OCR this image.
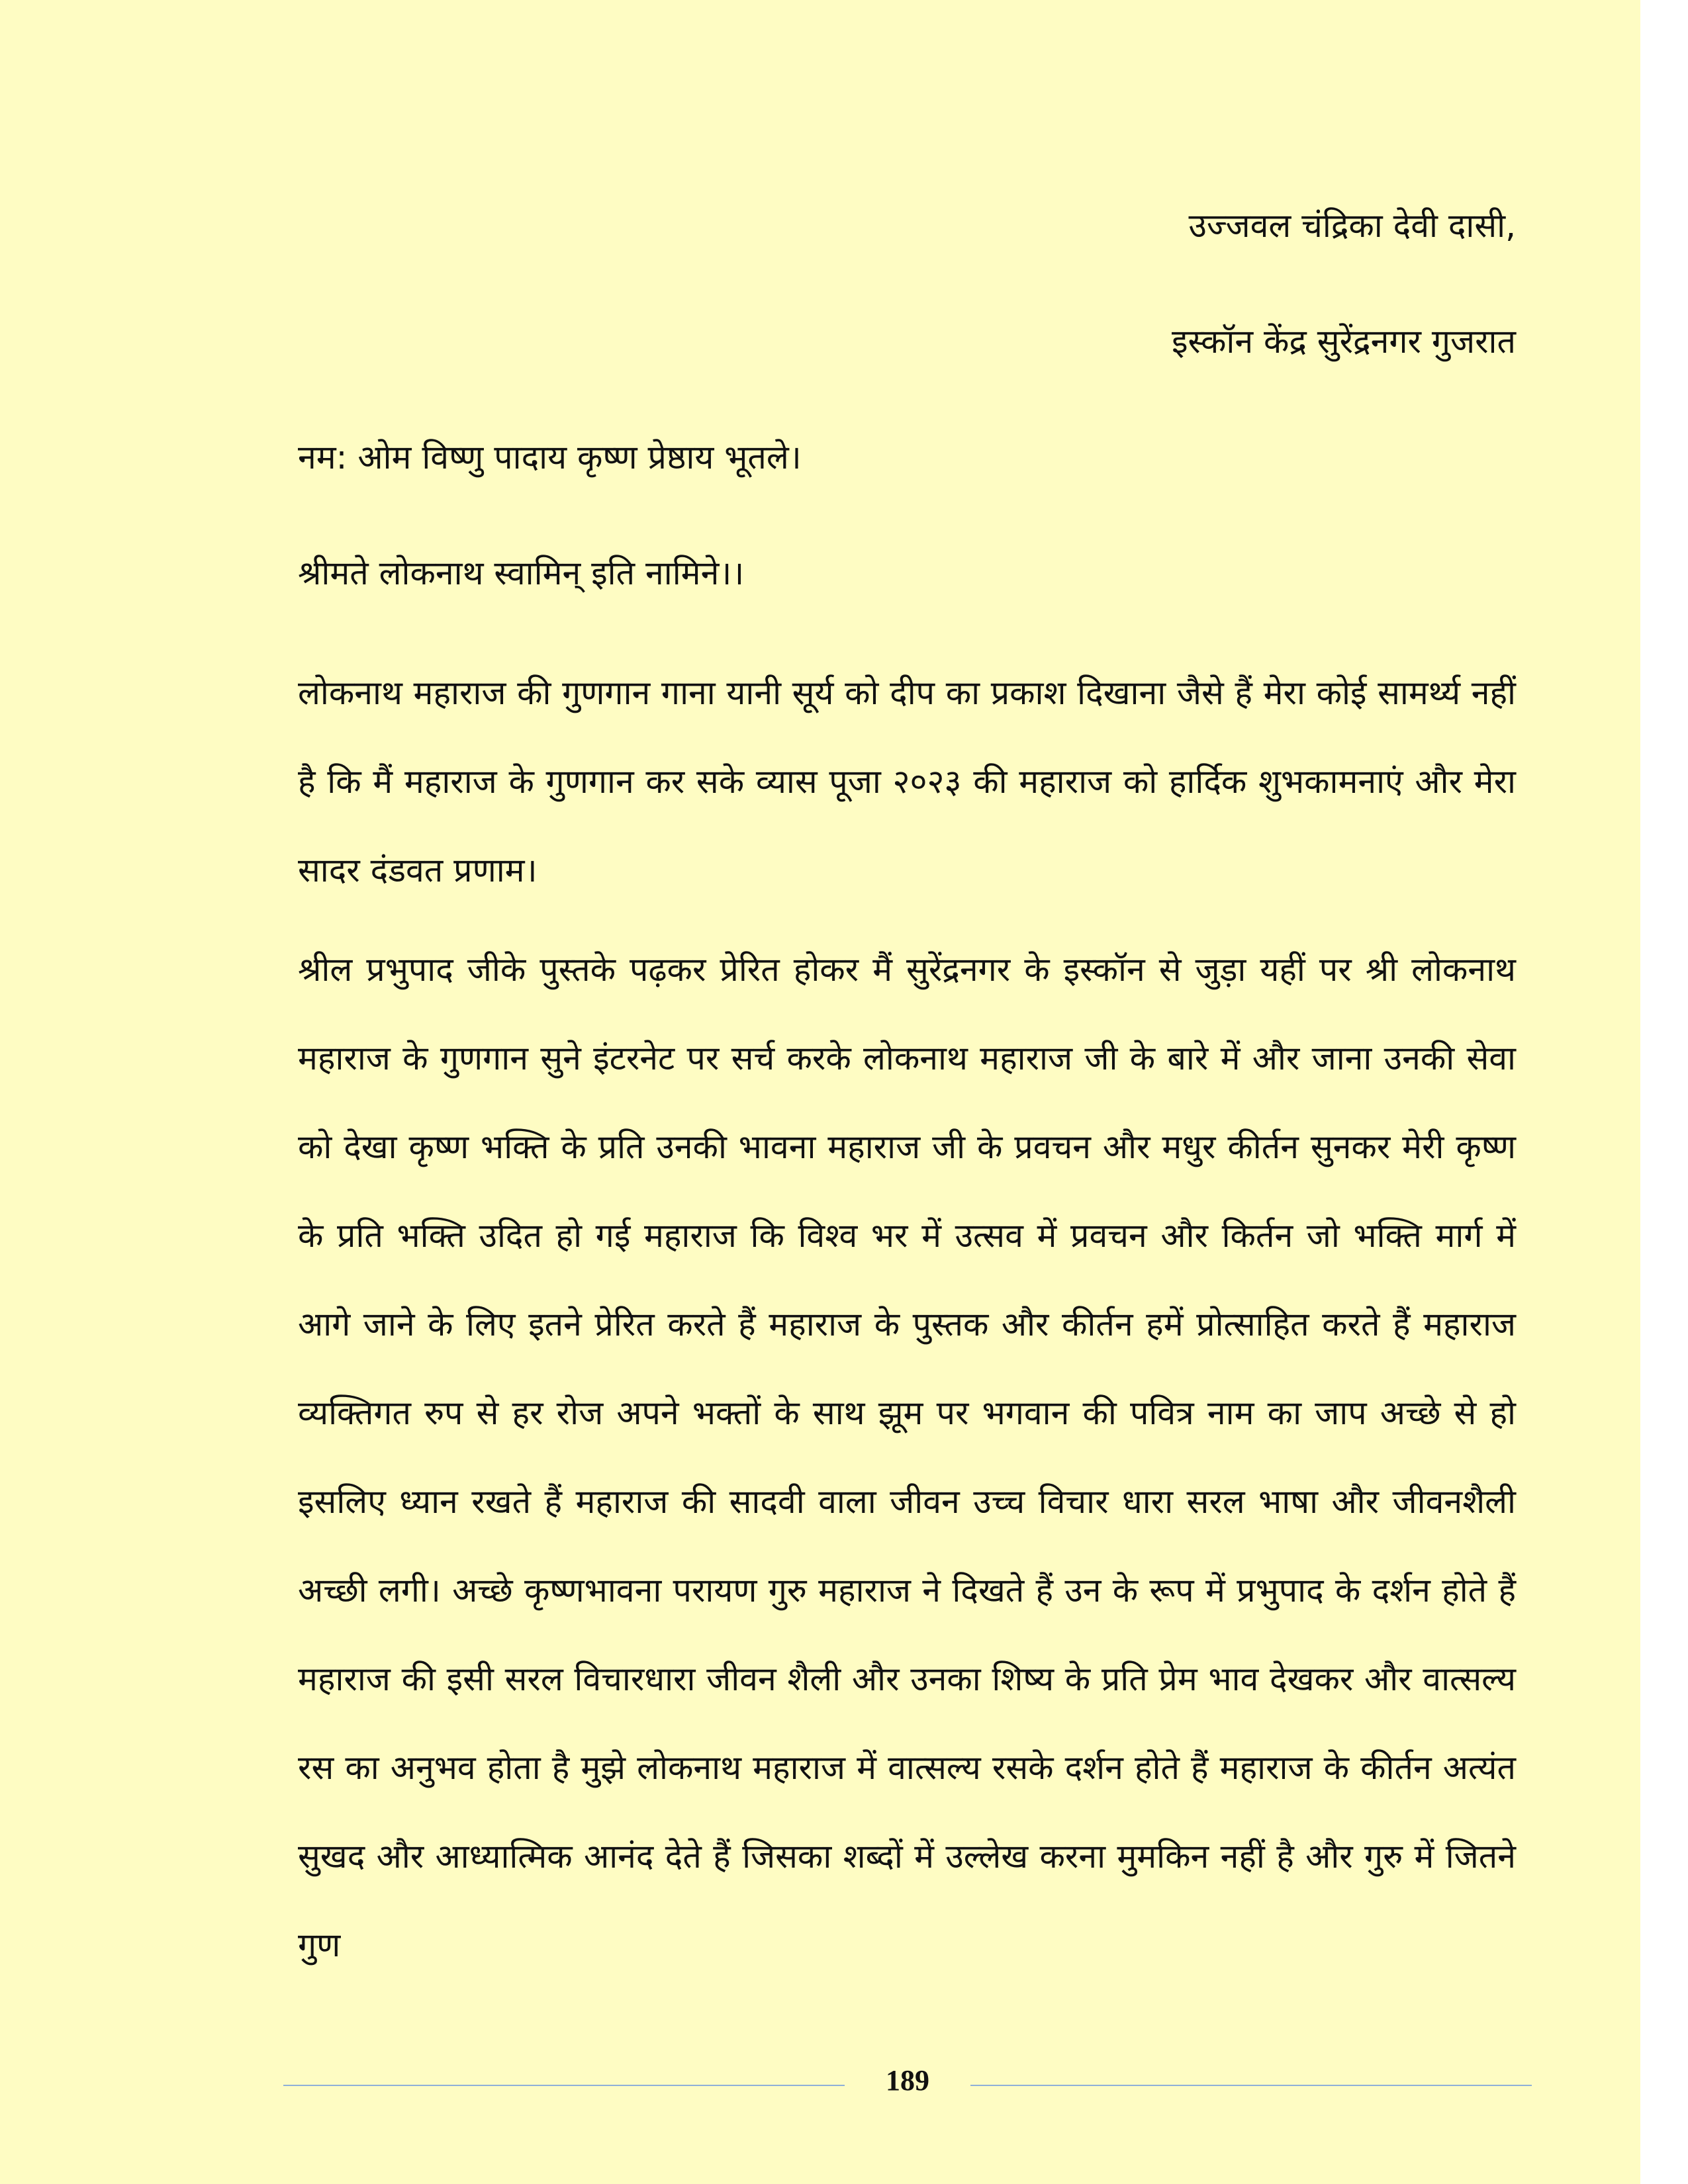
उज्जवल चंद्रिका देवी दासी,
इस्कॉन केंद्र सुरेंद्रनगर गुजरात
नम: ओम विष्णु पादाय कृष्ण प्रेष्ठाय भूतले।
श्रीमते लोकनाथ स्वामिन् इति नामिने।।
लोकनाथ महाराज की गुणगान गाना यानी सूर्य को दीप का प्रकाश दिखाना जैसे हैं मेरा कोई सामर्थ्य नहीं है कि मैं महाराज के गुणगान कर सके व्यास पूजा २०२३ की महाराज को हार्दिक शुभकामनाएं और मेरा सादर दंडवत प्रणाम।
श्रील प्रभुपाद जीके पुस्तके पढ़कर प्रेरित होकर मैं सुरेंद्रनगर के इस्कॉन से जुड़ा यहीं पर श्री लोकनाथ महाराज के गुणगान सुने इंटरनेट पर सर्च करके लोकनाथ महाराज जी के बारे में और जाना उनकी सेवा को देखा कृष्ण भक्ति के प्रति उनकी भावना महाराज जी के प्रवचन और मधुर कीर्तन सुनकर मेरी कृष्ण के प्रति भक्ति उदित हो गई महाराज कि विश्व भर में उत्सव में प्रवचन और किर्तन जो भक्ति मार्ग में आगे जाने के लिए इतने प्रेरित करते हैं महाराज के पुस्तक और कीर्तन हमें प्रोत्साहित करते हैं महाराज व्यक्तिगत रुप से हर रोज अपने भक्तों के साथ झूम पर भगवान की पवित्र नाम का जाप अच्छे से हो इसलिए ध्यान रखते हैं महाराज की सादवी वाला जीवन उच्च विचार धारा सरल भाषा और जीवनशैली अच्छी लगी। अच्छे कृष्णभावना परायण गुरु महाराज ने दिखते हैं उन के रूप में प्रभुपाद के दर्शन होते हैं महाराज की इसी सरल विचारधारा जीवन शैली और उनका शिष्य के प्रति प्रेम भाव देखकर और वात्सल्य रस का अनुभव होता है मुझे लोकनाथ महाराज में वात्सल्य रसके दर्शन होते हैं महाराज के कीर्तन अत्यंत सुखद और आध्यात्मिक आनंद देते हैं जिसका शब्दों में उल्लेख करना मुमकिन नहीं है और गुरु में जितने गुण
189
